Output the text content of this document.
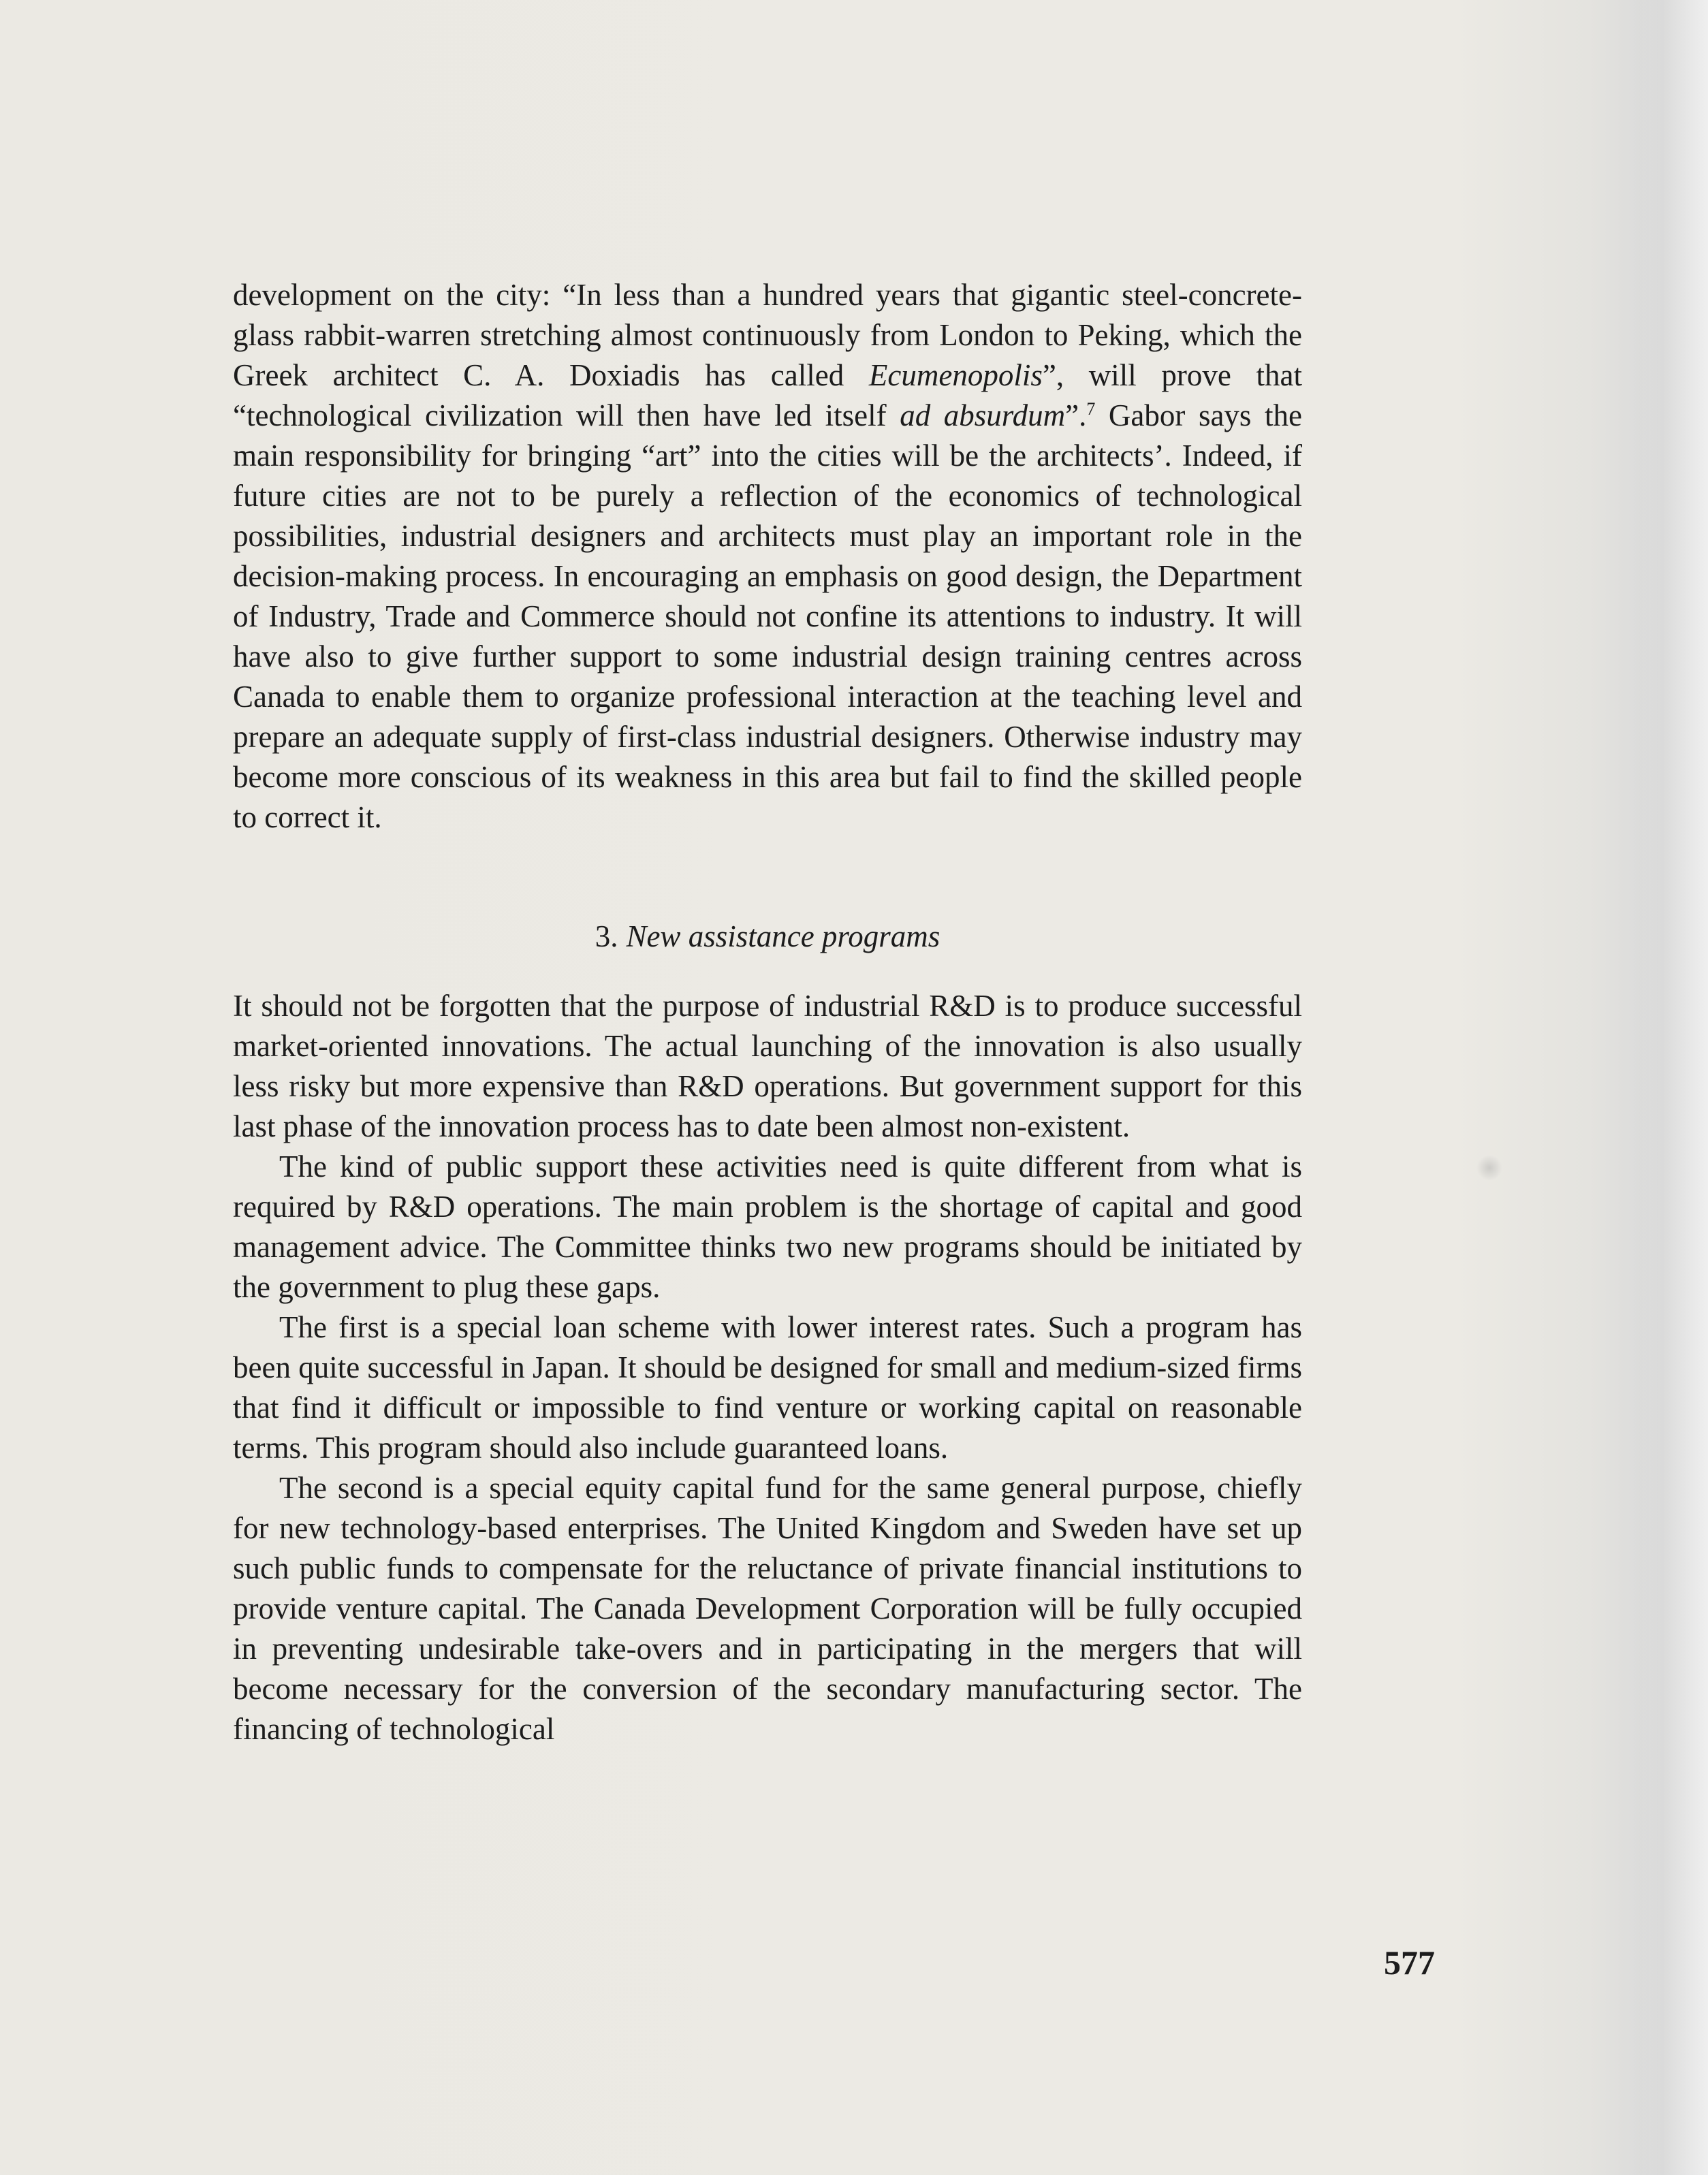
development on the city: “In less than a hundred years that gigantic steel-concrete-glass rabbit-warren stretching almost continuously from London to Peking, which the Greek architect C. A. Doxiadis has called Ecumenopolis”, will prove that “technological civilization will then have led itself ad absurdum”.$^7$ Gabor says the main responsibility for bringing “art” into the cities will be the architects’. Indeed, if future cities are not to be purely a reflection of the economics of technological possibilities, industrial designers and architects must play an important role in the decision-making process. In encouraging an emphasis on good design, the Department of Industry, Trade and Commerce should not confine its attentions to industry. It will have also to give further support to some industrial design training centres across Canada to enable them to organize professional interaction at the teaching level and prepare an adequate supply of first-class industrial designers. Otherwise industry may become more conscious of its weakness in this area but fail to find the skilled people to correct it.

3. New assistance programs

It should not be forgotten that the purpose of industrial R&D is to produce successful market-oriented innovations. The actual launching of the innovation is also usually less risky but more expensive than R&D operations. But government support for this last phase of the innovation process has to date been almost non-existent.

The kind of public support these activities need is quite different from what is required by R&D operations. The main problem is the shortage of capital and good management advice. The Committee thinks two new programs should be initiated by the government to plug these gaps.

The first is a special loan scheme with lower interest rates. Such a program has been quite successful in Japan. It should be designed for small and medium-sized firms that find it difficult or impossible to find venture or working capital on reasonable terms. This program should also include guaranteed loans.

The second is a special equity capital fund for the same general purpose, chiefly for new technology-based enterprises. The United Kingdom and Sweden have set up such public funds to compensate for the reluctance of private financial institutions to provide venture capital. The Canada Development Corporation will be fully occupied in preventing undesirable take-overs and in participating in the mergers that will become necessary for the conversion of the secondary manufacturing sector. The financing of technological

577
